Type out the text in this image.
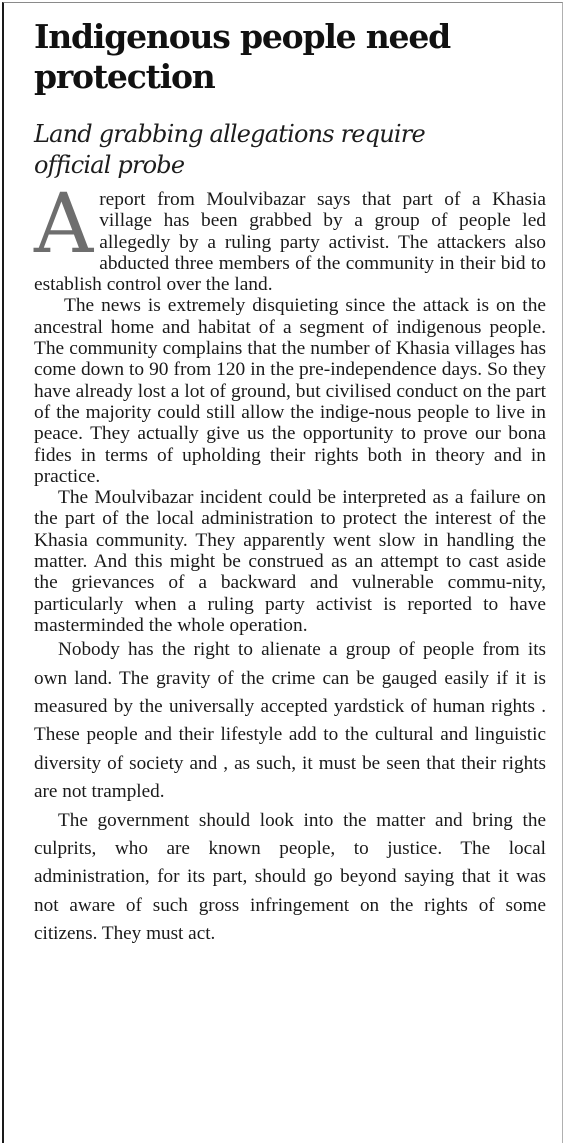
Indigenous people need protection
Land grabbing allegations require official probe

A report from Moulvibazar says that part of a Khasia village has been grabbed by a group of people led allegedly by a ruling party activist. The attackers also abducted three members of the community in their bid to establish control over the land.

The news is extremely disquieting since the attack is on the ancestral home and habitat of a segment of indigenous people. The community complains that the number of Khasia villages has come down to 90 from 120 in the pre-independence days. So they have already lost a lot of ground, but civilised conduct on the part of the majority could still allow the indige-nous people to live in peace. They actually give us the opportunity to prove our bona fides in terms of upholding their rights both in theory and in practice.

The Moulvibazar incident could be interpreted as a failure on the part of the local administration to protect the interest of the Khasia community. They apparently went slow in handling the matter. And this might be construed as an attempt to cast aside the grievances of a backward and vulnerable commu-nity, particularly when a ruling party activist is reported to have masterminded the whole operation.

Nobody has the right to alienate a group of people from its own land. The gravity of the crime can be gauged easily if it is measured by the universally accepted yardstick of human rights . These people and their lifestyle add to the cultural and linguistic diversity of society and , as such, it must be seen that their rights are not trampled.

The government should look into the matter and bring the culprits, who are known people, to justice. The local administration, for its part, should go beyond saying that it was not aware of such gross infringement on the rights of some citizens. They must act.
